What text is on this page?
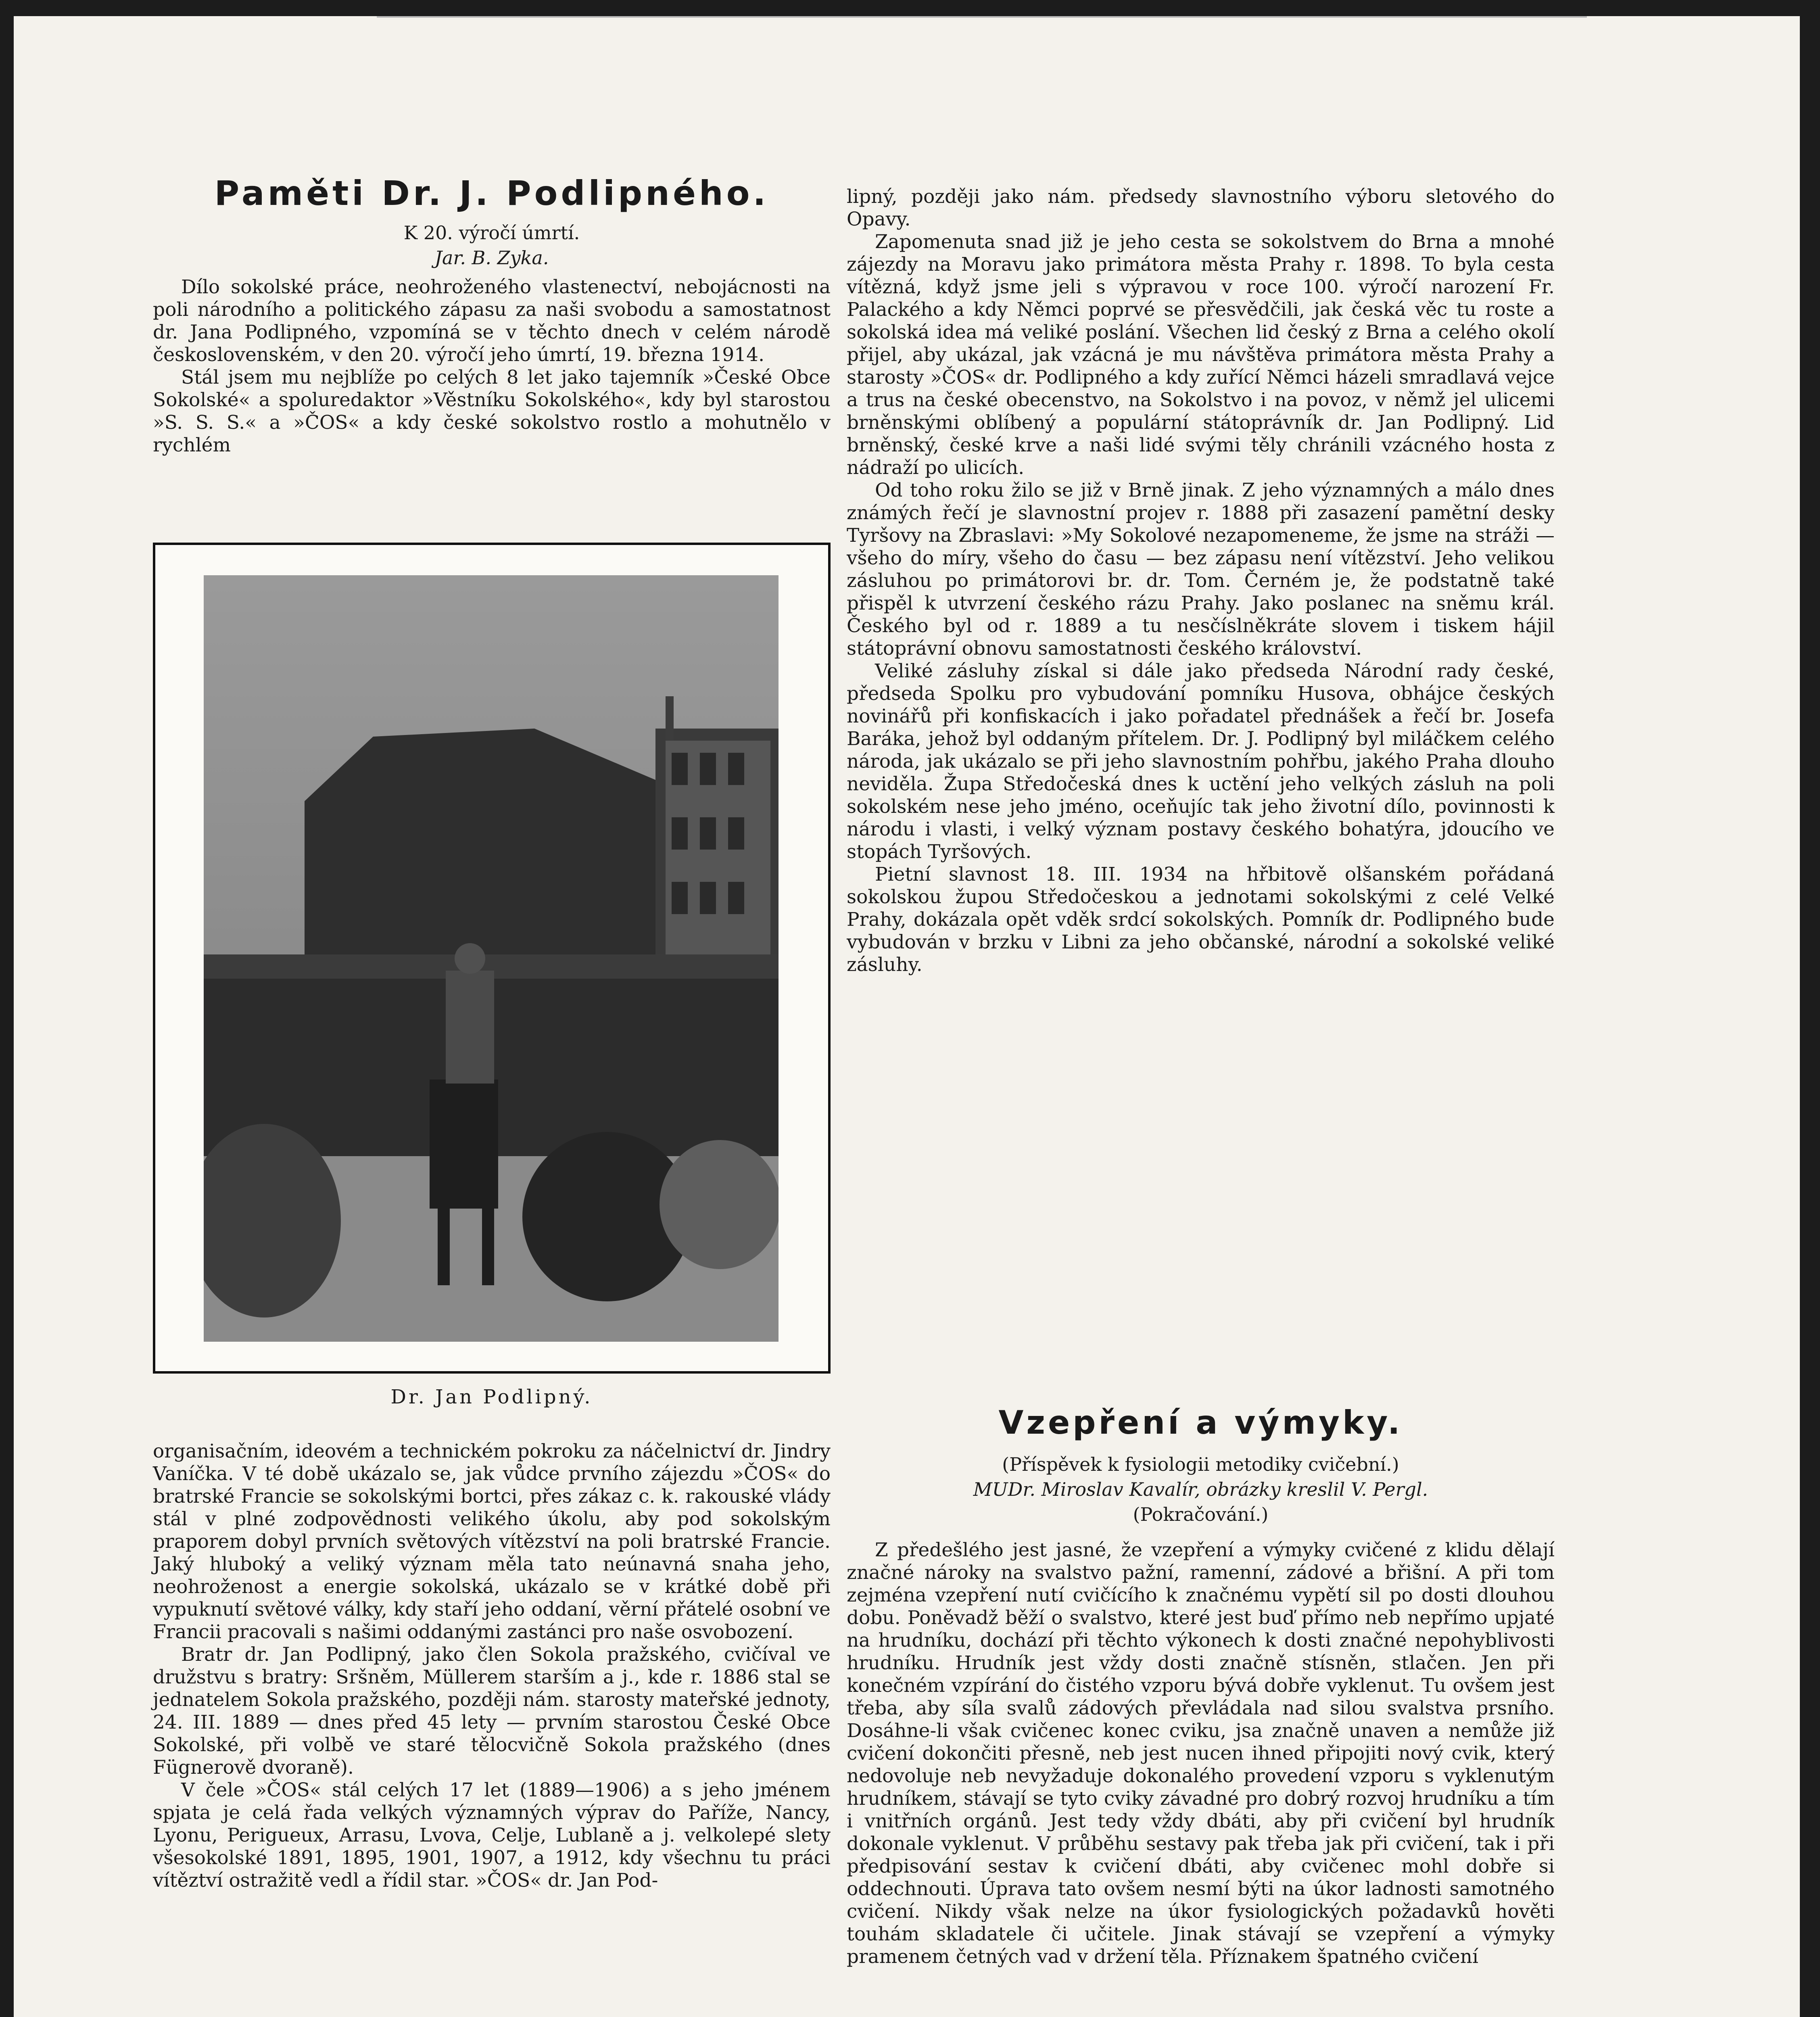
Paměti Dr. J. Podlipného.
K 20. výročí úmrtí.
Jar. B. Zyka.

Dílo sokolské práce, neohroženého vlastenectví, nebojácnosti na poli národního a politického zápasu za naši svobodu a samostatnost dr. Jana Podlipného, vzpomíná se v těchto dnech v celém národě československém, v den 20. výročí jeho úmrtí, 19. března 1914.

Stál jsem mu nejblíže po celých 8 let jako tajemník »České Obce Sokolské« a spoluredaktor »Věstníku Sokolského«, kdy byl starostou »S. S. S.« a »ČOS« a kdy české sokolstvo rostlo a mohutnělo v rychlém

Dr. Jan Podlipný.

organisačním, ideovém a technickém pokroku za náčelnictví dr. Jindry Vaníčka. V té době ukázalo se, jak vůdce prvního zájezdu »ČOS« do bratrské Francie se sokolskými bortci, přes zákaz c. k. rakouské vlády stál v plné zodpovědnosti velikého úkolu, aby pod sokolským praporem dobyl prvních světových vítězství na poli bratrské Francie. Jaký hluboký a veliký význam měla tato neúnavná snaha jeho, neohroženost a energie sokolská, ukázalo se v krátké době při vypuknutí světové války, kdy staří jeho oddaní, věrní přátelé osobní ve Francii pracovali s našimi oddanými zastánci pro naše osvobození.

Bratr dr. Jan Podlipný, jako člen Sokola pražského, cvičíval ve družstvu s bratry: Sršněm, Müllerem starším a j., kde r. 1886 stal se jednatelem Sokola pražského, později nám. starosty mateřské jednoty, 24. III. 1889 — dnes před 45 lety — prvním starostou České Obce Sokolské, při volbě ve staré tělocvičně Sokola pražského (dnes Fügnerově dvoraně).

V čele »ČOS« stál celých 17 let (1889—1906) a s jeho jménem spjata je celá řada velkých významných výprav do Paříže, Nancy, Lyonu, Perigueux, Arrasu, Lvova, Celje, Lublaně a j. velkolepé slety všesokolské 1891, 1895, 1901, 1907, a 1912, kdy všechnu tu práci vítěztví ostražitě vedl a řídil star. »ČOS« dr. Jan Pod-

lipný, později jako nám. předsedy slavnostního výboru sletového do Opavy.

Zapomenuta snad již je jeho cesta se sokolstvem do Brna a mnohé zájezdy na Moravu jako primátora města Prahy r. 1898. To byla cesta vítězná, když jsme jeli s výpravou v roce 100. výročí narození Fr. Palackého a kdy Němci poprvé se přesvědčili, jak česká věc tu roste a sokolská idea má veliké poslání. Všechen lid český z Brna a celého okolí přijel, aby ukázal, jak vzácná je mu návštěva primátora města Prahy a starosty »ČOS« dr. Podlipného a kdy zuřící Němci házeli smradlavá vejce a trus na české obecenstvo, na Sokolstvo i na povoz, v němž jel ulicemi brněnskými oblíbený a populární státoprávník dr. Jan Podlipný. Lid brněnský, české krve a naši lidé svými těly chránili vzácného hosta z nádraží po ulicích.

Od toho roku žilo se již v Brně jinak. Z jeho významných a málo dnes známých řečí je slavnostní projev r. 1888 při zasazení pamětní desky Tyršovy na Zbraslavi: »My Sokolové nezapomeneme, že jsme na stráži — všeho do míry, všeho do času — bez zápasu není vítězství. Jeho velikou zásluhou po primátorovi br. dr. Tom. Černém je, že podstatně také přispěl k utvrzení českého rázu Prahy. Jako poslanec na sněmu král. Českého byl od r. 1889 a tu nesčíslněkráte slovem i tiskem hájil státoprávní obnovu samostatnosti českého království.

Veliké zásluhy získal si dále jako předseda Národní rady české, předseda Spolku pro vybudování pomníku Husova, obhájce českých novinářů při konfiskacích i jako pořadatel přednášek a řečí br. Josefa Baráka, jehož byl oddaným přítelem. Dr. J. Podlipný byl miláčkem celého národa, jak ukázalo se při jeho slavnostním pohřbu, jakého Praha dlouho neviděla. Župa Středočeská dnes k uctění jeho velkých zásluh na poli sokolském nese jeho jméno, oceňujíc tak jeho životní dílo, povinnosti k národu i vlasti, i velký význam postavy českého bohatýra, jdoucího ve stopách Tyršových.

Pietní slavnost 18. III. 1934 na hřbitově olšanském pořádaná sokolskou župou Středočeskou a jednotami sokolskými z celé Velké Prahy, dokázala opět vděk srdcí sokolských. Pomník dr. Podlipného bude vybudován v brzku v Libni za jeho občanské, národní a sokolské veliké zásluhy.

Vzepření a výmyky.
(Příspěvek k fysiologii metodiky cvičební.)
MUDr. Miroslav Kavalír, obrázky kreslil V. Pergl.
(Pokračování.)

Z předešlého jest jasné, že vzepření a výmyky cvičené z klidu dělají značné nároky na svalstvo pažní, ramenní, zádové a břišní. A při tom zejména vzepření nutí cvičícího k značnému vypětí sil po dosti dlouhou dobu. Poněvadž běží o svalstvo, které jest buď přímo neb nepřímo upjaté na hrudníku, dochází při těchto výkonech k dosti značné nepohyblivosti hrudníku. Hrudník jest vždy dosti značně stísněn, stlačen. Jen při konečném vzpírání do čistého vzporu bývá dobře vyklenut. Tu ovšem jest třeba, aby síla svalů zádových převládala nad silou svalstva prsního. Dosáhne-li však cvičenec konec cviku, jsa značně unaven a nemůže již cvičení dokončiti přesně, neb jest nucen ihned připojiti nový cvik, který nedovoluje neb nevyžaduje dokonalého provedení vzporu s vyklenutým hrudníkem, stávají se tyto cviky závadné pro dobrý rozvoj hrudníku a tím i vnitřních orgánů. Jest tedy vždy dbáti, aby při cvičení byl hrudník dokonale vyklenut. V průběhu sestavy pak třeba jak při cvičení, tak i při předpisování sestav k cvičení dbáti, aby cvičenec mohl dobře si oddechnouti. Úprava tato ovšem nesmí býti na úkor ladnosti samotného cvičení. Nikdy však nelze na úkor fysiologických požadavků hověti touhám skladatele či učitele. Jinak stávají se vzepření a výmyky pramenem četných vad v držení těla. Příznakem špatného cvičení
